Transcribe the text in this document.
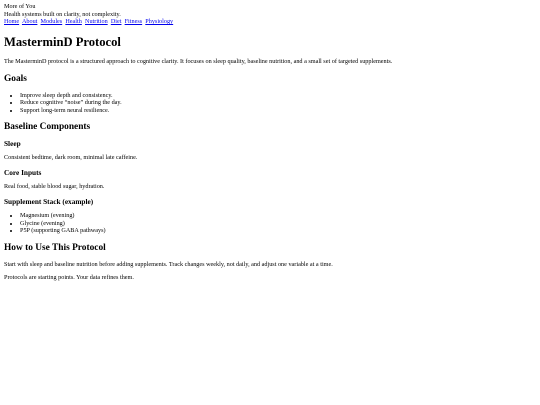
More of You
Health systems built on clarity, not complexity.
Home About Modules Health Nutrition Diet Fitness Physiology
MasterminD Protocol

The MasterminD protocol is a structured approach to cognitive clarity. It focuses on sleep quality, baseline nutrition, and a small set of targeted supplements.

Goals
• Improve sleep depth and consistency.
• Reduce cognitive “noise” during the day.
• Support long-term neural resilience.
Baseline Components
Sleep

Consistent bedtime, dark room, minimal late caffeine.

Core Inputs

Real food, stable blood sugar, hydration.

Supplement Stack (example)
• Magnesium (evening)
• Glycine (evening)
• P5P (supporting GABA pathways)
How to Use This Protocol

Start with sleep and baseline nutrition before adding supplements. Track changes weekly, not daily, and adjust one variable at a time.

Protocols are starting points. Your data refines them.
